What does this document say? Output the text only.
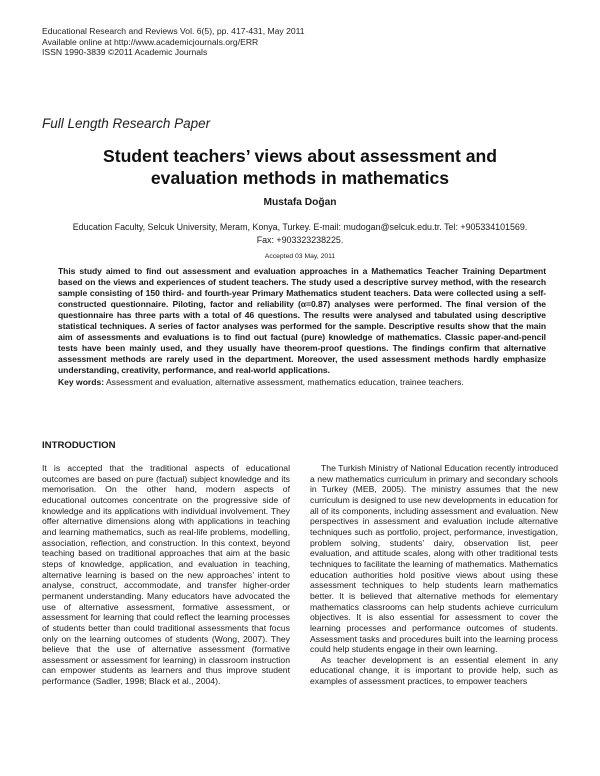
Educational Research and Reviews Vol. 6(5), pp. 417-431, May 2011
Available online at http://www.academicjournals.org/ERR
ISSN 1990-3839 ©2011 Academic Journals
Full Length Research Paper
Student teachers’ views about assessment and
evaluation methods in mathematics
Mustafa Doğan
Education Faculty, Selcuk University, Meram, Konya, Turkey. E-mail: mudogan@selcuk.edu.tr. Tel: +905334101569.
Fax: +903323238225.
Accepted 03 May, 2011
This study aimed to find out assessment and evaluation approaches in a Mathematics Teacher Training Department based on the views and experiences of student teachers. The study used a descriptive survey method, with the research sample consisting of 150 third- and fourth-year Primary Mathematics student teachers. Data were collected using a self-constructed questionnaire. Piloting, factor and reliability (α=0.87) analyses were performed. The final version of the questionnaire has three parts with a total of 46 questions. The results were analysed and tabulated using descriptive statistical techniques. A series of factor analyses was performed for the sample. Descriptive results show that the main aim of assessments and evaluations is to find out factual (pure) knowledge of mathematics. Classic paper-and-pencil tests have been mainly used, and they usually have theorem-proof questions. The findings confirm that alternative assessment methods are rarely used in the department. Moreover, the used assessment methods hardly emphasize understanding, creativity, performance, and real-world applications.
Key words: Assessment and evaluation, alternative assessment, mathematics education, trainee teachers.
INTRODUCTION

It is accepted that the traditional aspects of educational outcomes are based on pure (factual) subject knowledge and its memorisation. On the other hand, modern aspects of educational outcomes concentrate on the progressive side of knowledge and its applications with individual involvement. They offer alternative dimensions along with applications in teaching and learning mathematics, such as real-life problems, modelling, association, reflection, and construction. In this context, beyond teaching based on traditional approaches that aim at the basic steps of knowledge, application, and evaluation in teaching, alternative learning is based on the new approaches’ intent to analyse, construct, accommodate, and transfer higher-order permanent understanding. Many educators have advocated the use of alternative assessment, formative assessment, or assessment for learning that could reflect the learning processes of students better than could traditional assessments that focus only on the learning outcomes of students (Wong, 2007). They believe that the use of alternative assessment (formative assessment or assessment for learning) in classroom instruction can empower students as learners and thus improve student performance (Sadler, 1998; Black et al., 2004).

The Turkish Ministry of National Education recently introduced a new mathematics curriculum in primary and secondary schools in Turkey (MEB, 2005). The ministry assumes that the new curriculum is designed to use new developments in education for all of its components, including assessment and evaluation. New perspectives in assessment and evaluation include alternative techniques such as portfolio, project, performance, investigation, problem solving, students’ dairy, observation list, peer evaluation, and attitude scales, along with other traditional tests techniques to facilitate the learning of mathematics. Mathematics education authorities hold positive views about using these assessment techniques to help students learn mathematics better. It is believed that alternative methods for elementary mathematics classrooms can help students achieve curriculum objectives. It is also essential for assessment to cover the learning processes and performance outcomes of students. Assessment tasks and procedures built into the learning process could help students engage in their own learning.

As teacher development is an essential element in any educational change, it is important to provide help, such as examples of assessment practices, to empower teachers
